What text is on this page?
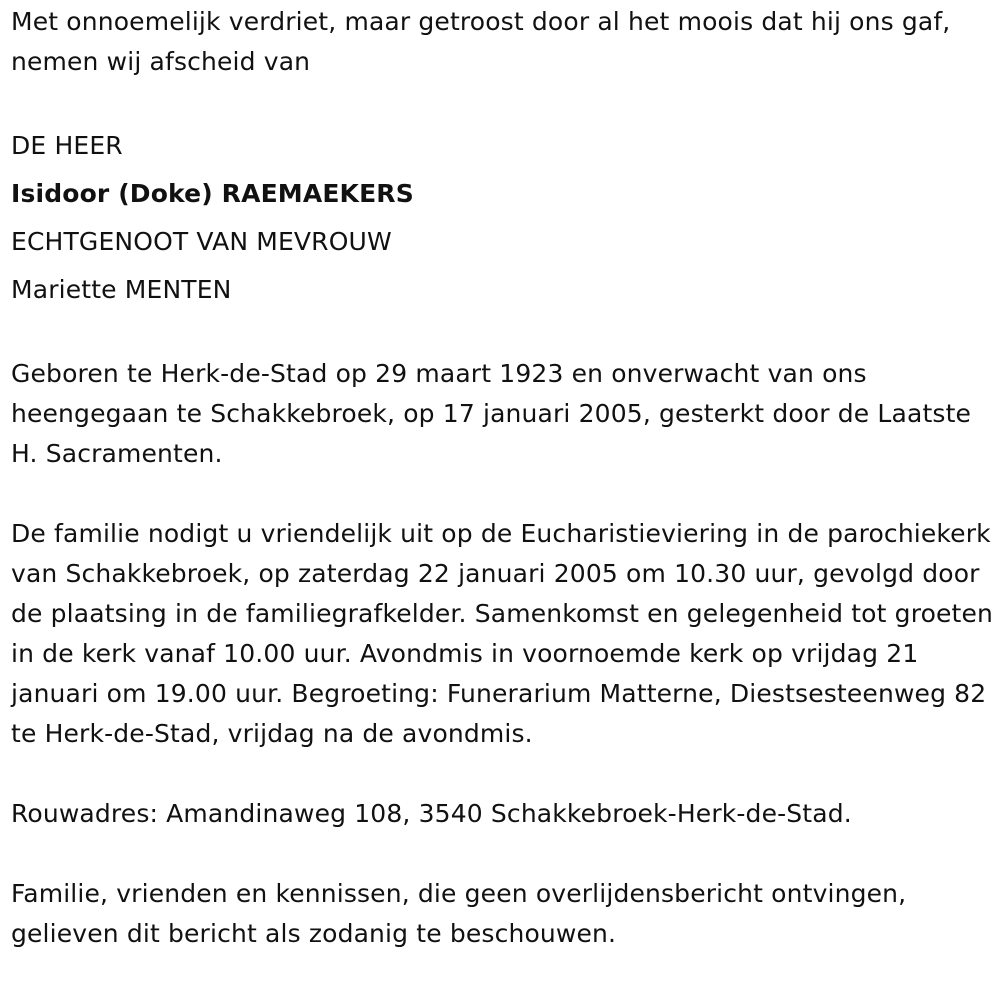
Met onnoemelijk verdriet, maar getroost door al het moois dat hij ons gaf, nemen wij afscheid van

DE HEER

Isidoor (Doke) RAEMAEKERS

ECHTGENOOT VAN MEVROUW

Mariette MENTEN

Geboren te Herk-de-Stad op 29 maart 1923 en onverwacht van ons heengegaan te Schakkebroek, op 17 januari 2005, gesterkt door de Laatste H. Sacramenten.

De familie nodigt u vriendelijk uit op de Eucharistieviering in de parochiekerk van Schakkebroek, op zaterdag 22 januari 2005 om 10.30 uur, gevolgd door de plaatsing in de familiegrafkelder. Samenkomst en gelegenheid tot groeten in de kerk vanaf 10.00 uur. Avondmis in voornoemde kerk op vrijdag 21 januari om 19.00 uur. Begroeting: Funerarium Matterne, Diestsesteenweg 82 te Herk-de-Stad, vrijdag na de avondmis.

Rouwadres: Amandinaweg 108, 3540 Schakkebroek-Herk-de-Stad.

Familie, vrienden en kennissen, die geen overlijdensbericht ontvingen, gelieven dit bericht als zodanig te beschouwen.
